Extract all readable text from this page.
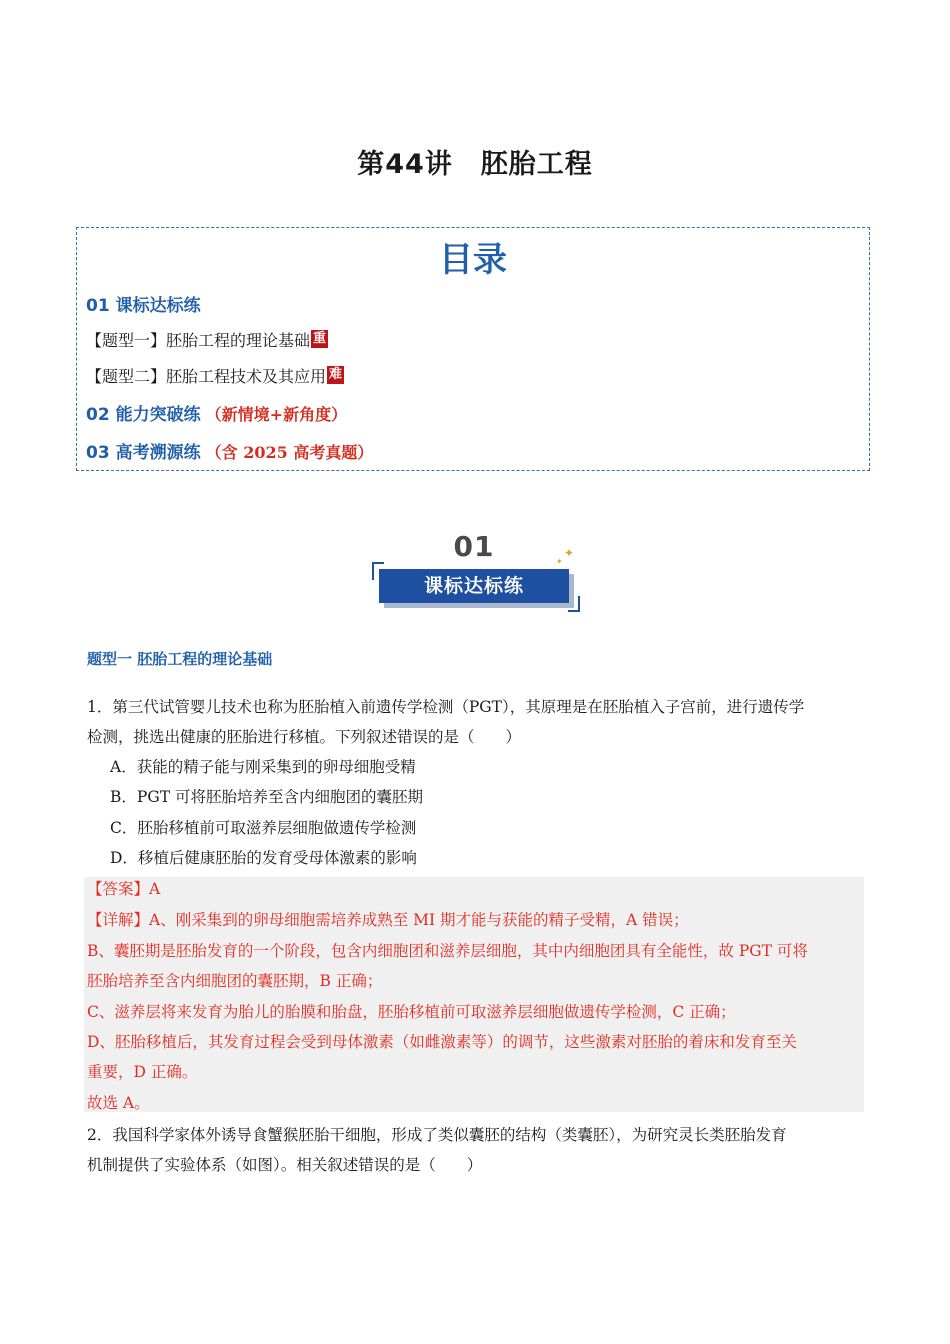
第44讲　胚胎工程
目录
01 课标达标练
【题型一】胚胎工程的理论基础 重
【题型二】胚胎工程技术及其应用 难
02 能力突破练 （新情境+新角度）
03 高考溯源练 （含 2025 高考真题）
01
课标达标练
✦
✦
题型一 胚胎工程的理论基础
1．第三代试管婴儿技术也称为胚胎植入前遗传学检测（PGT），其原理是在胚胎植入子宫前，进行遗传学
检测，挑选出健康的胚胎进行移植。下列叙述错误的是（　　）
A．获能的精子能与刚采集到的卵母细胞受精
B．PGT 可将胚胎培养至含内细胞团的囊胚期
C．胚胎移植前可取滋养层细胞做遗传学检测
D．移植后健康胚胎的发育受母体激素的影响
【答案】A
【详解】A、刚采集到的卵母细胞需培养成熟至 MI 期才能与获能的精子受精，A 错误；
B、囊胚期是胚胎发育的一个阶段，包含内细胞团和滋养层细胞，其中内细胞团具有全能性，故 PGT 可将
胚胎培养至含内细胞团的囊胚期，B 正确；
C、滋养层将来发育为胎儿的胎膜和胎盘，胚胎移植前可取滋养层细胞做遗传学检测，C 正确；
D、胚胎移植后，其发育过程会受到母体激素（如雌激素等）的调节，这些激素对胚胎的着床和发育至关
重要，D 正确。
故选 A。
2．我国科学家体外诱导食蟹猴胚胎干细胞，形成了类似囊胚的结构（类囊胚），为研究灵长类胚胎发育
机制提供了实验体系（如图）。相关叙述错误的是（　　）
